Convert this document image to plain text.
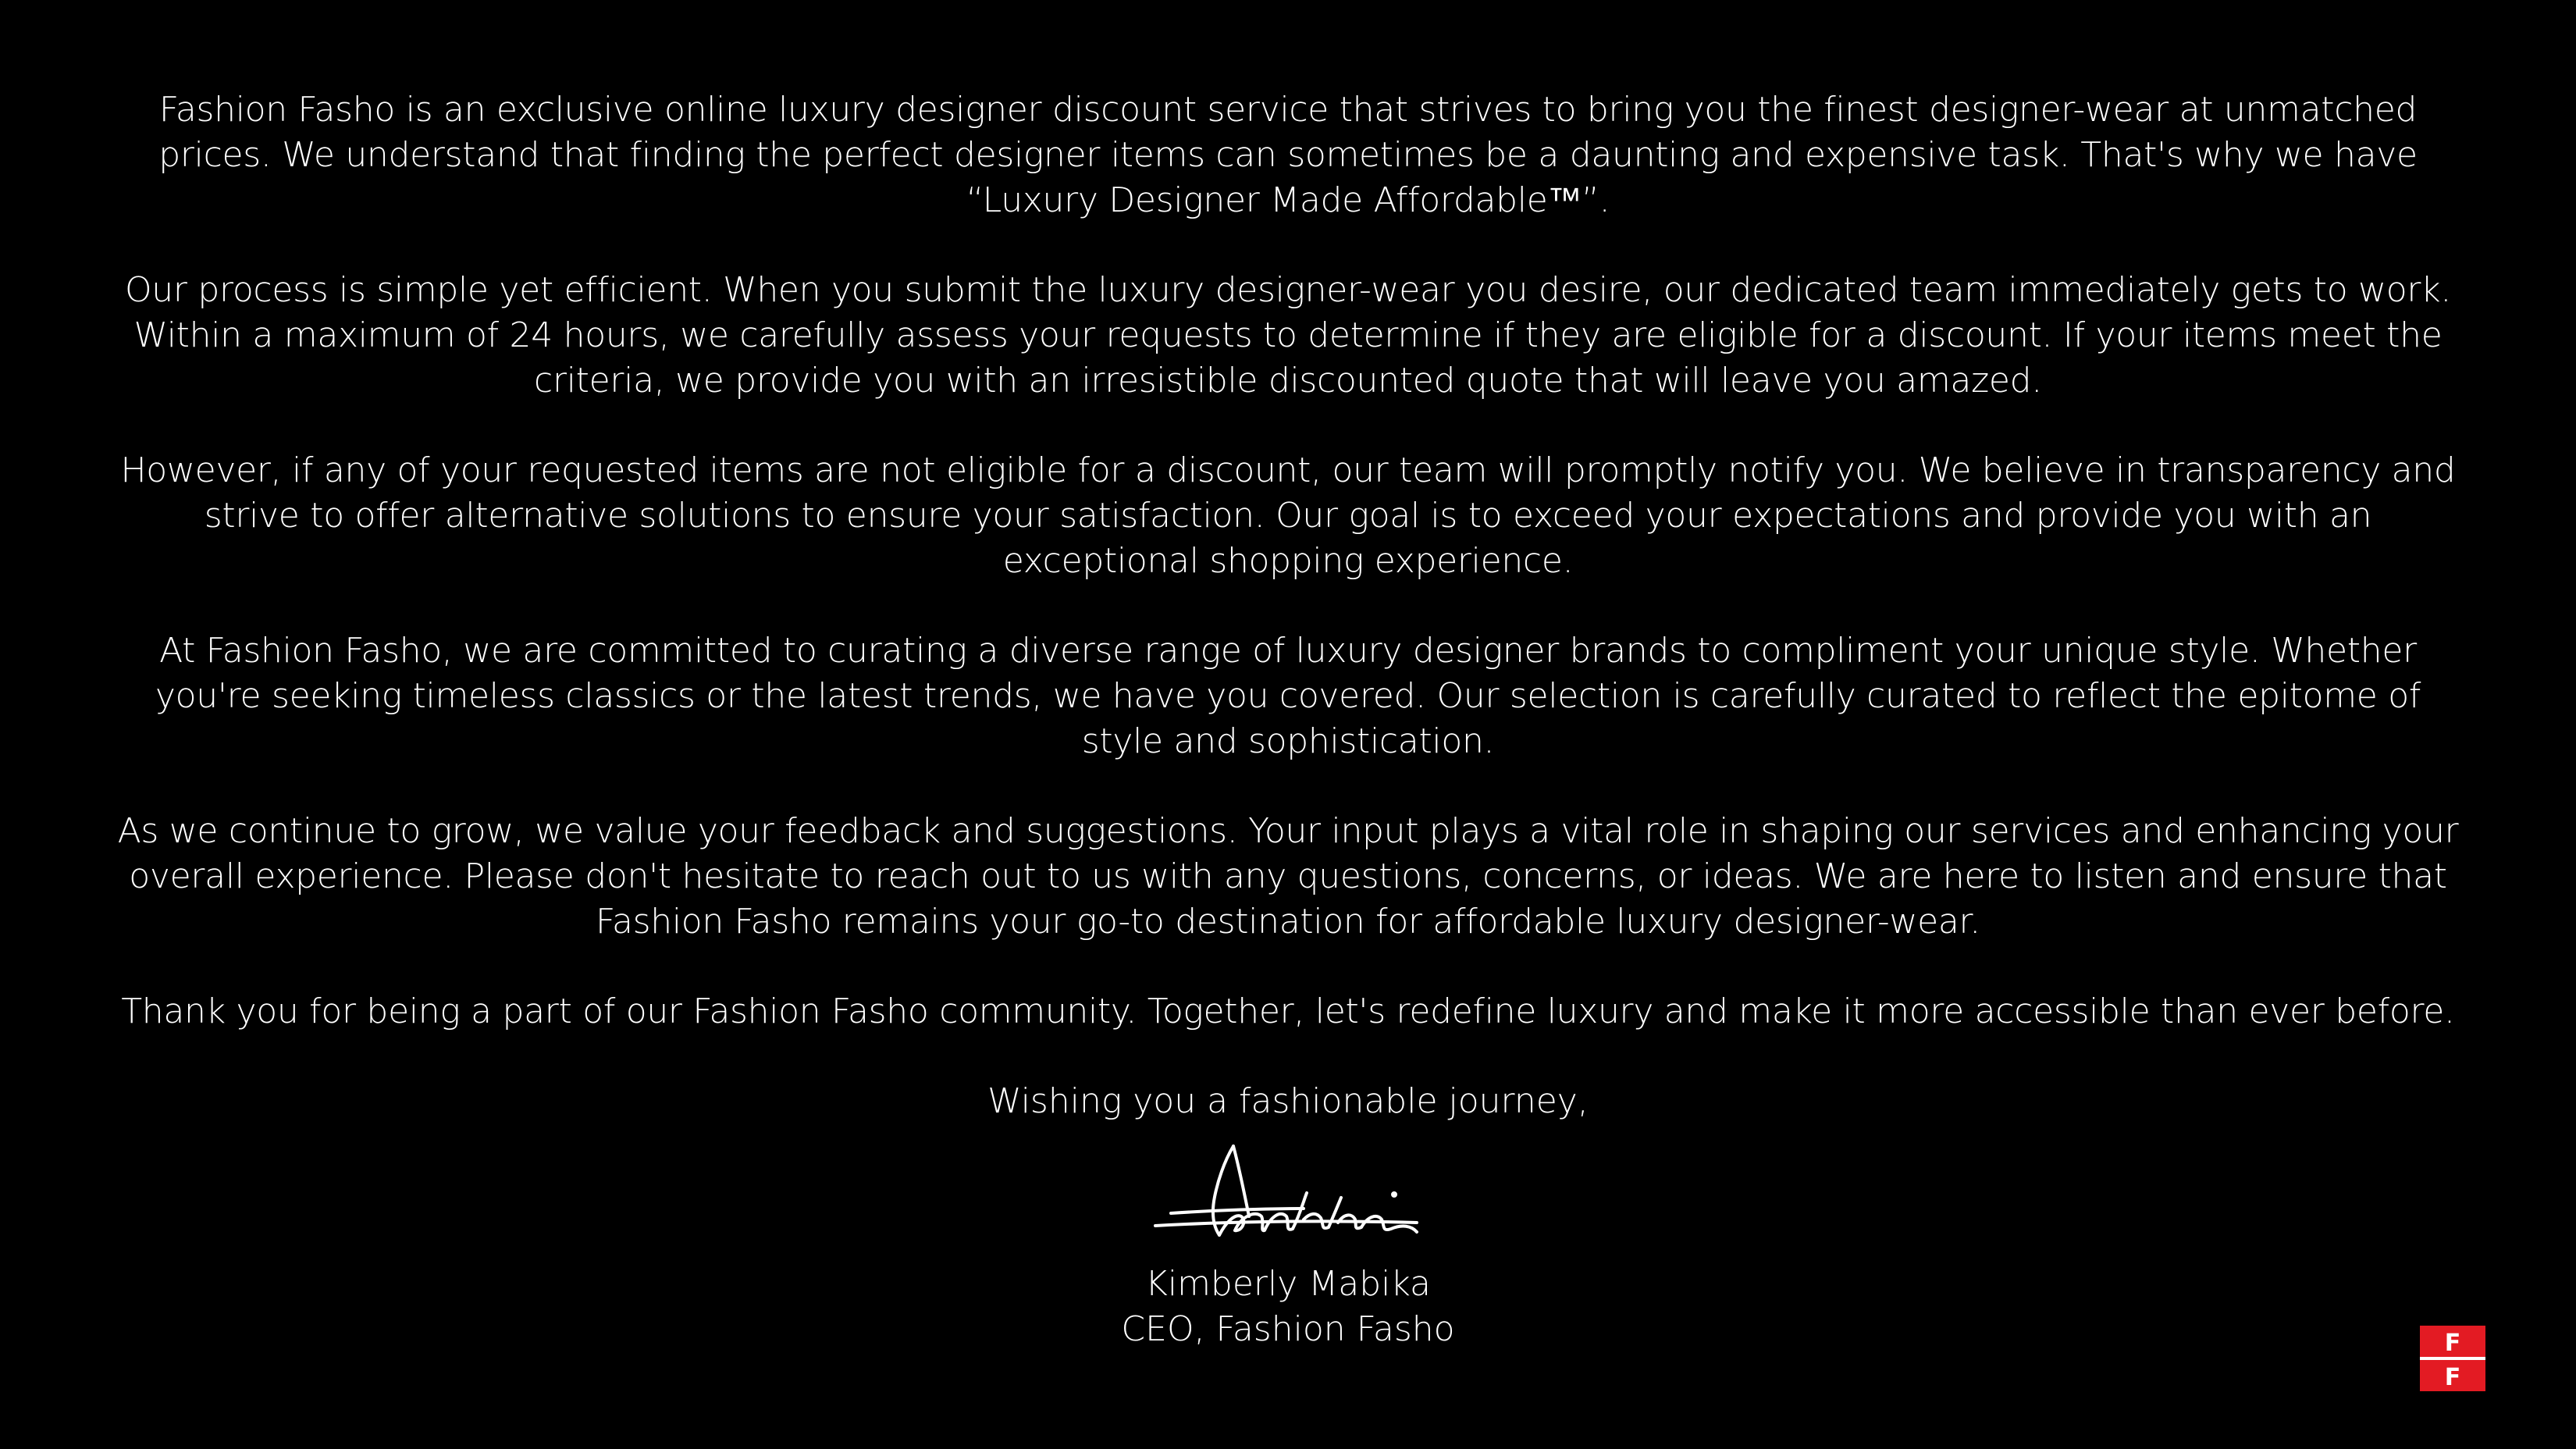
Fashion Fasho is an exclusive online luxury designer discount service that strives to bring you the finest designer-wear at unmatched prices. We understand that finding the perfect designer items can sometimes be a daunting and expensive task. That's why we have “Luxury Designer Made Affordable™”.

Our process is simple yet efficient. When you submit the luxury designer-wear you desire, our dedicated team immediately gets to work. Within a maximum of 24 hours, we carefully assess your requests to determine if they are eligible for a discount. If your items meet the criteria, we provide you with an irresistible discounted quote that will leave you amazed.

However, if any of your requested items are not eligible for a discount, our team will promptly notify you. We believe in transparency and strive to offer alternative solutions to ensure your satisfaction. Our goal is to exceed your expectations and provide you with an exceptional shopping experience.

At Fashion Fasho, we are committed to curating a diverse range of luxury designer brands to compliment your unique style. Whether you're seeking timeless classics or the latest trends, we have you covered. Our selection is carefully curated to reflect the epitome of style and sophistication.

As we continue to grow, we value your feedback and suggestions. Your input plays a vital role in shaping our services and enhancing your overall experience. Please don't hesitate to reach out to us with any questions, concerns, or ideas. We are here to listen and ensure that Fashion Fasho remains your go-to destination for affordable luxury designer-wear.

Thank you for being a part of our Fashion Fasho community. Together, let's redefine luxury and make it more accessible than ever before.

Wishing you a fashionable journey,

Kimberly Mabika
CEO, Fashion Fasho	F
F
